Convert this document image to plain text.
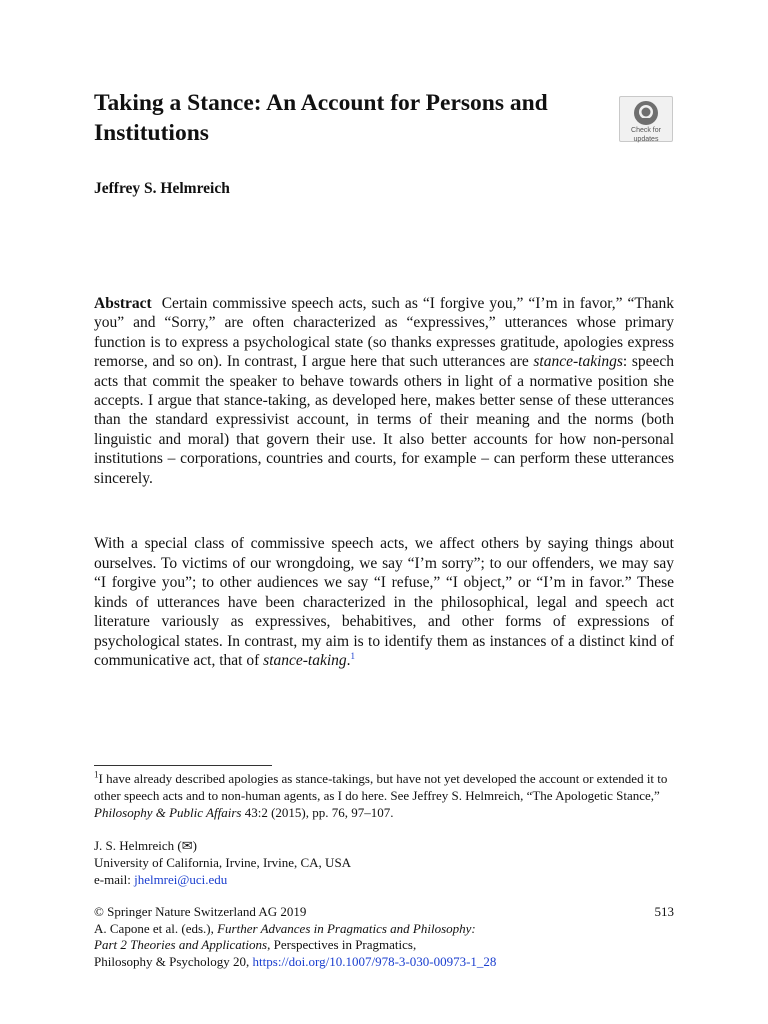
Taking a Stance: An Account for Persons and Institutions	Check for
updates
Jeffrey S. Helmreich

Abstract Certain commissive speech acts, such as “I forgive you,” “I’m in favor,” “Thank you” and “Sorry,” are often characterized as “expressives,” utterances whose primary function is to express a psychological state (so thanks expresses gratitude, apologies express remorse, and so on). In contrast, I argue here that such utterances are stance-takings: speech acts that commit the speaker to behave towards others in light of a normative position she accepts. I argue that stance-taking, as developed here, makes better sense of these utterances than the standard expressivist account, in terms of their meaning and the norms (both linguistic and moral) that govern their use. It also better accounts for how non-personal institutions – corporations, countries and courts, for example – can perform these utterances sincerely.

With a special class of commissive speech acts, we affect others by saying things about ourselves. To victims of our wrongdoing, we say “I’m sorry”; to our offenders, we may say “I forgive you”; to other audiences we say “I refuse,” “I object,” or “I’m in favor.” These kinds of utterances have been characterized in the philosophical, legal and speech act literature variously as expressives, behabitives, and other forms of expressions of psychological states. In contrast, my aim is to identify them as instances of a distinct kind of communicative act, that of stance-taking.$^1$

$^1$I have already described apologies as stance-takings, but have not yet developed the account or extended it to other speech acts and to non-human agents, as I do here. See Jeffrey S. Helmreich, “The Apologetic Stance,” Philosophy & Public Affairs 43:2 (2015), pp. 76, 97–107.

J. S. Helmreich (✉)
University of California, Irvine, Irvine, CA, USA
e-mail: jhelmrei@uci.edu
© Springer Nature Switzerland AG 2019
A. Capone et al. (eds.), Further Advances in Pragmatics and Philosophy:
Part 2 Theories and Applications, Perspectives in Pragmatics,
Philosophy & Psychology 20, https://doi.org/10.1007/978-3-030-00973-1_28
513
